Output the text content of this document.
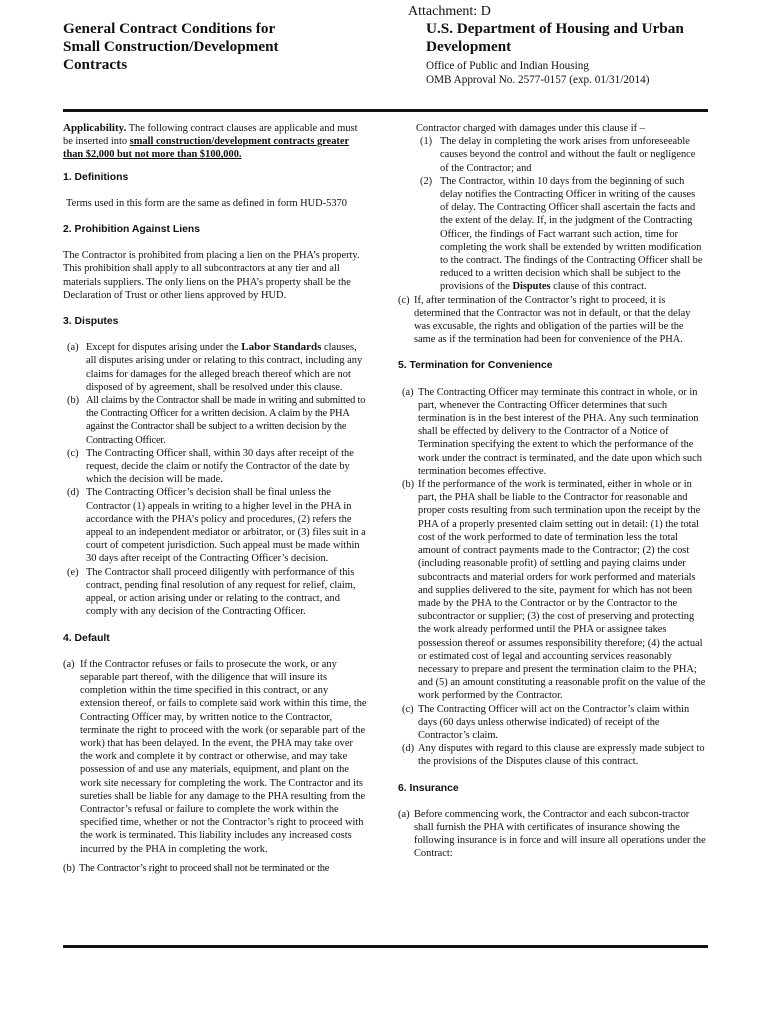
Attachment: D
General Contract Conditions for
Small Construction/Development
Contracts
U.S. Department of Housing and Urban
Development
Office of Public and Indian Housing
OMB Approval No. 2577-0157 (exp. 01/31/2014)

Applicability. The following contract clauses are applicable and must be inserted into small construction/development contracts greater than $2,000 but not more than $100,000.

1. Definitions

Terms used in this form are the same as defined in form HUD-5370

2. Prohibition Against Liens

The Contractor is prohibited from placing a lien on the PHA’s property. This prohibition shall apply to all subcontractors at any tier and all materials suppliers. The only liens on the PHA’s property shall be the Declaration of Trust or other liens approved by HUD.

3. Disputes

(a) Except for disputes arising under the Labor Standards clauses, all disputes arising under or relating to this contract, including any claims for damages for the alleged breach thereof which are not disposed of by agreement, shall be resolved under this clause.
(b) All claims by the Contractor shall be made in writing and submitted to the Contracting Officer for a written decision. A claim by the PHA against the Contractor shall be subject to a written decision by the Contracting Officer.
(c) The Contracting Officer shall, within 30 days after receipt of the request, decide the claim or notify the Contractor of the date by which the decision will be made.
(d) The Contracting Officer’s decision shall be final unless the Contractor (1) appeals in writing to a higher level in the PHA in accordance with the PHA’s policy and procedures, (2) refers the appeal to an independent mediator or arbitrator, or (3) files suit in a court of competent jurisdiction. Such appeal must be made within 30 days after receipt of the Contracting Officer’s decision.
(e) The Contractor shall proceed diligently with performance of this contract, pending final resolution of any request for relief, claim, appeal, or action arising under or relating to the contract, and comply with any decision of the Contracting Officer.

4. Default

(a) If the Contractor refuses or fails to prosecute the work, or any separable part thereof, with the diligence that will insure its completion within the time specified in this contract, or any extension thereof, or fails to complete said work within this time, the Contracting Officer may, by written notice to the Contractor, terminate the right to proceed with the work (or separable part of the work) that has been delayed. In the event, the PHA may take over the work and complete it by contract or otherwise, and may take possession of and use any materials, equipment, and plant on the work site necessary for completing the work. The Contractor and its sureties shall be liable for any damage to the PHA resulting from the Contractor’s refusal or failure to complete the work within the specified time, whether or not the Contractor’s right to proceed with the work is terminated. This liability includes any increased costs incurred by the PHA in completing the work.
(b) The Contractor’s right to proceed shall not be terminated or the

Contractor charged with damages under this clause if –

(1) The delay in completing the work arises from unforeseeable causes beyond the control and without the fault or negligence of the Contractor; and
(2) The Contractor, within 10 days from the beginning of such delay notifies the Contracting Officer in writing of the causes of delay. The Contracting Officer shall ascertain the facts and the extent of the delay. If, in the judgment of the Contracting Officer, the findings of Fact warrant such action, time for completing the work shall be extended by written modification to the contract. The findings of the Contracting Officer shall be reduced to a written decision which shall be subject to the provisions of the Disputes clause of this contract.
(c) If, after termination of the Contractor’s right to proceed, it is determined that the Contractor was not in default, or that the delay was excusable, the rights and obligation of the parties will be the same as if the termination had been for convenience of the PHA.

5. Termination for Convenience

(a) The Contracting Officer may terminate this contract in whole, or in part, whenever the Contracting Officer determines that such termination is in the best interest of the PHA. Any such termination shall be effected by delivery to the Contractor of a Notice of Termination specifying the extent to which the performance of the work under the contract is terminated, and the date upon which such termination becomes effective.
(b) If the performance of the work is terminated, either in whole or in part, the PHA shall be liable to the Contractor for reasonable and proper costs resulting from such termination upon the receipt by the PHA of a properly presented claim setting out in detail: (1) the total cost of the work performed to date of termination less the total amount of contract payments made to the Contractor; (2) the cost (including reasonable profit) of settling and paying claims under subcontracts and material orders for work performed and materials and supplies delivered to the site, payment for which has not been made by the PHA to the Contractor or by the Contractor to the subcontractor or supplier; (3) the cost of preserving and protecting the work already performed until the PHA or assignee takes possession thereof or assumes responsibility therefore; (4) the actual or estimated cost of legal and accounting services reasonably necessary to prepare and present the termination claim to the PHA; and (5) an amount constituting a reasonable profit on the value of the work performed by the Contractor.
(c) The Contracting Officer will act on the Contractor’s claim within days (60 days unless otherwise indicated) of receipt of the Contractor’s claim.
(d) Any disputes with regard to this clause are expressly made subject to the provisions of the Disputes clause of this contract.

6. Insurance

(a) Before commencing work, the Contractor and each subcon-tractor shall furnish the PHA with certificates of insurance showing the following insurance is in force and will insure all operations under the Contract:
